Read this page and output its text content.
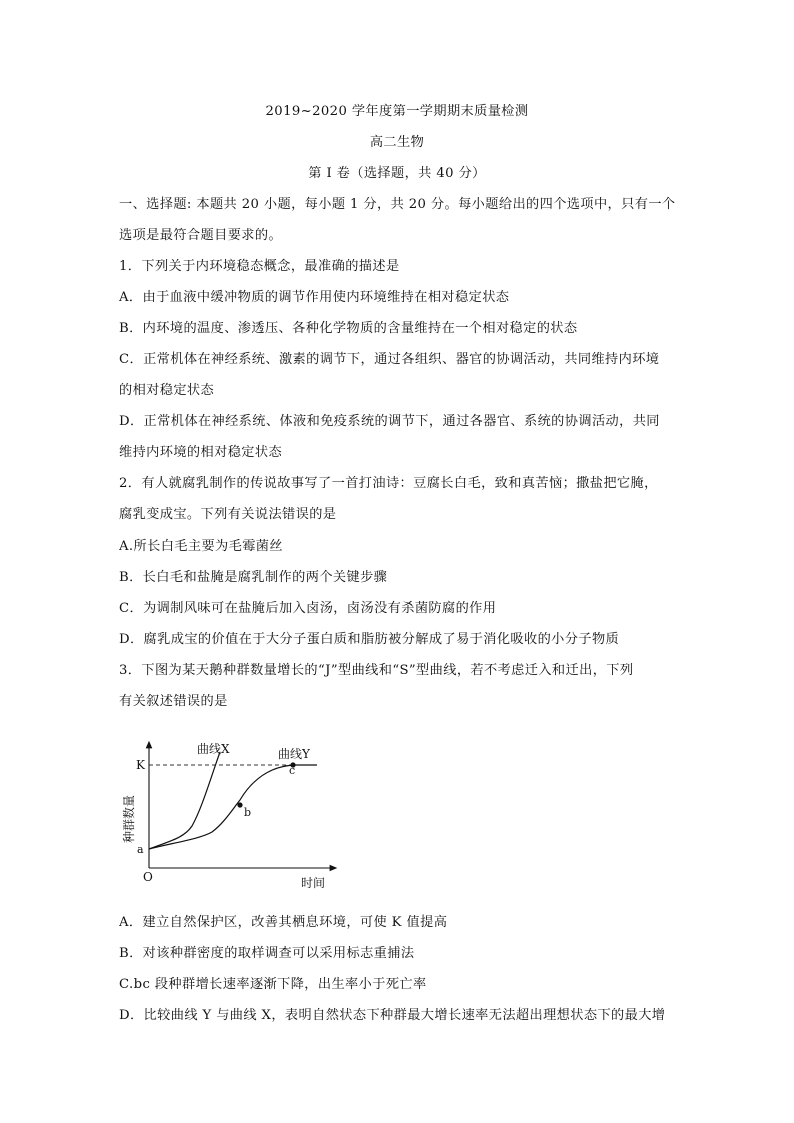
2019~2020 学年度第一学期期末质量检测
高二生物
第 I 卷（选择题，共 40 分）
一、选择题: 本题共 20 小题，每小题 1 分，共 20 分。每小题给出的四个选项中，只有一个
选项是最符合题目要求的。
1．下列关于内环境稳态概念，最准确的描述是
A．由于血液中缓冲物质的调节作用使内环境维持在相对稳定状态
B．内环境的温度、渗透压、各种化学物质的含量维持在一个相对稳定的状态
C．正常机体在神经系统、激素的调节下，通过各组织、器官的协调活动，共同维持内环境
的相对稳定状态
D．正常机体在神经系统、体液和免疫系统的调节下，通过各器官、系统的协调活动，共同
维持内环境的相对稳定状态
2．有人就腐乳制作的传说故事写了一首打油诗：豆腐长白毛，致和真苦恼；撒盐把它腌，
腐乳变成宝。下列有关说法错误的是
A.所长白毛主要为毛霉菌丝
B．长白毛和盐腌是腐乳制作的两个关键步骤
C．为调制风味可在盐腌后加入卤汤，卤汤没有杀菌防腐的作用
D．腐乳成宝的价值在于大分子蛋白质和脂肪被分解成了易于消化吸收的小分子物质
3．下图为某天鹅种群数量增长的“J”型曲线和“S”型曲线，若不考虑迁入和迁出，下列
有关叙述错误的是
曲线X	曲线Y
K
a
b
c
O	时间
种群数量
A．建立自然保护区，改善其栖息环境，可使 K 值提高
B．对该种群密度的取样调查可以采用标志重捕法
C.bc 段种群增长速率逐渐下降，出生率小于死亡率
D．比较曲线 Y 与曲线 X，表明自然状态下种群最大增长速率无法超出理想状态下的最大增
